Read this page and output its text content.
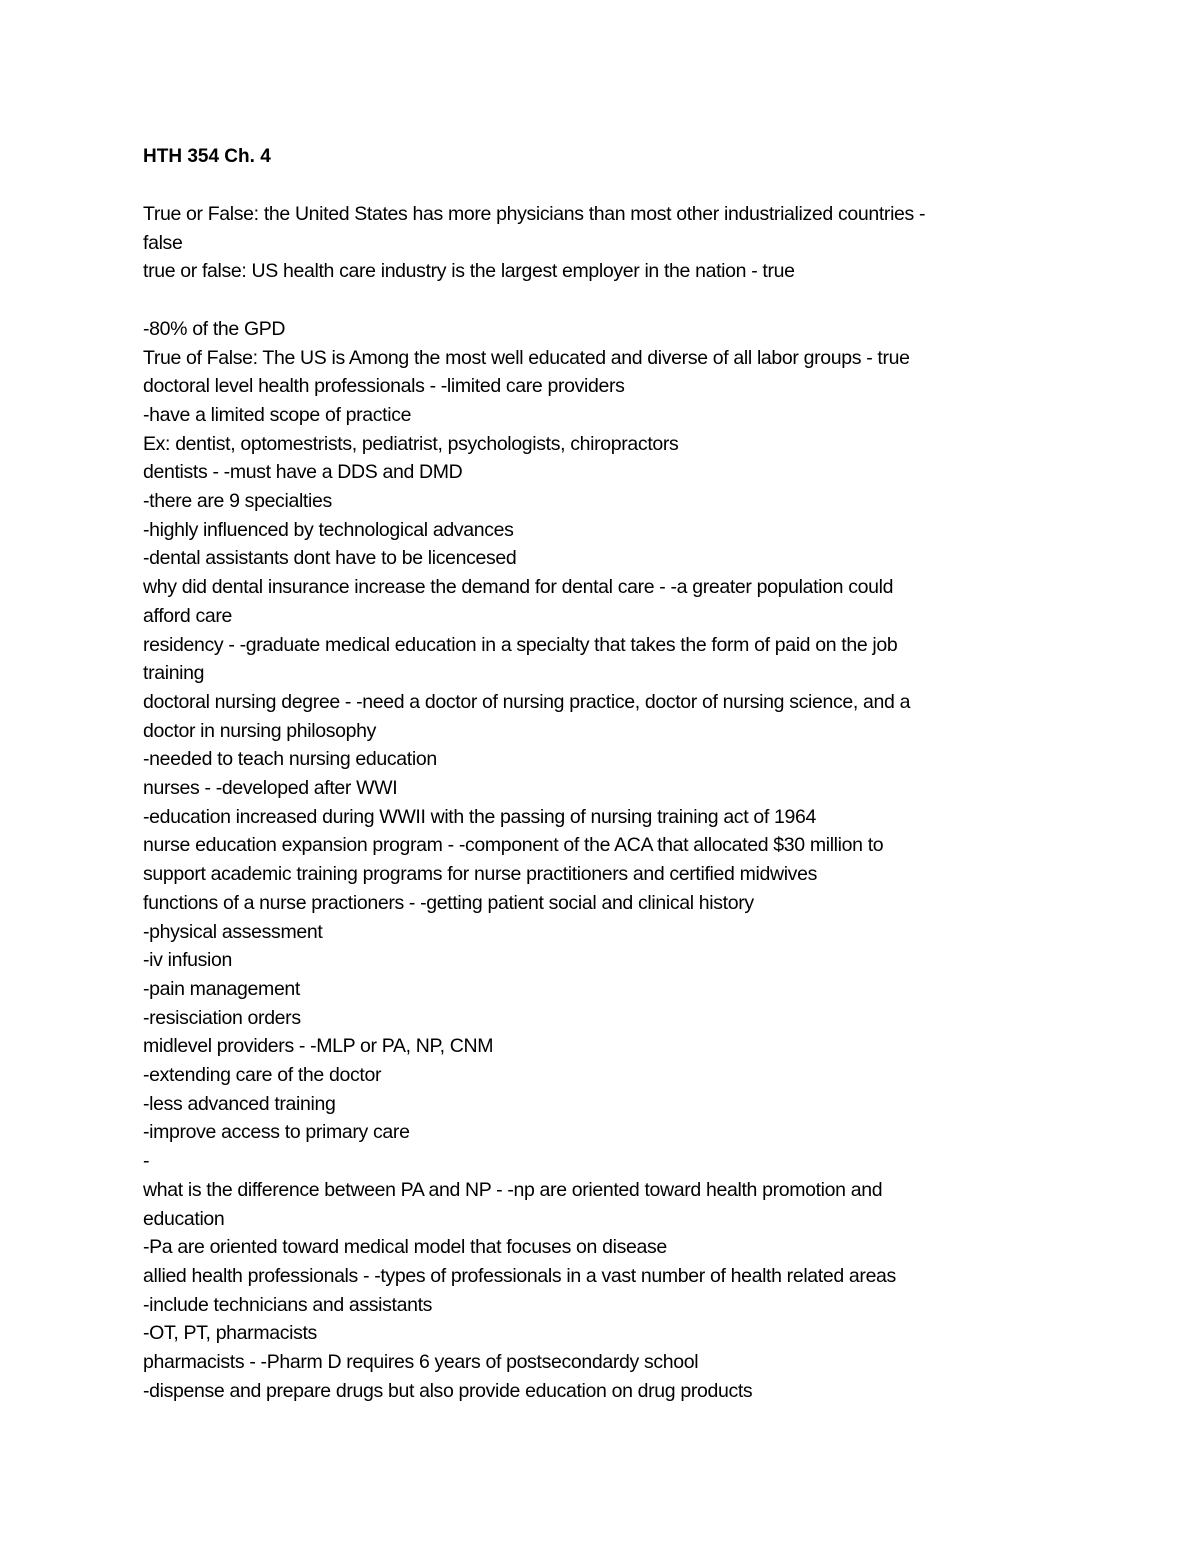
HTH 354 Ch. 4
True or False: the United States has more physicians than most other industrialized countries -
false
true or false: US health care industry is the largest employer in the nation - true
-80% of the GPD
True of False: The US is Among the most well educated and diverse of all labor groups - true
doctoral level health professionals - -limited care providers
-have a limited scope of practice
Ex: dentist, optomestrists, pediatrist, psychologists, chiropractors
dentists - -must have a DDS and DMD
-there are 9 specialties
-highly influenced by technological advances
-dental assistants dont have to be licencesed
why did dental insurance increase the demand for dental care - -a greater population could
afford care
residency - -graduate medical education in a specialty that takes the form of paid on the job
training
doctoral nursing degree - -need a doctor of nursing practice, doctor of nursing science, and a
doctor in nursing philosophy
-needed to teach nursing education
nurses - -developed after WWI
-education increased during WWII with the passing of nursing training act of 1964
nurse education expansion program - -component of the ACA that allocated $30 million to
support academic training programs for nurse practitioners and certified midwives
functions of a nurse practioners - -getting patient social and clinical history
-physical assessment
-iv infusion
-pain management
-resisciation orders
midlevel providers - -MLP or PA, NP, CNM
-extending care of the doctor
-less advanced training
-improve access to primary care
-
what is the difference between PA and NP - -np are oriented toward health promotion and
education
-Pa are oriented toward medical model that focuses on disease
allied health professionals - -types of professionals in a vast number of health related areas
-include technicians and assistants
-OT, PT, pharmacists
pharmacists - -Pharm D requires 6 years of postsecondardy school
-dispense and prepare drugs but also provide education on drug products
